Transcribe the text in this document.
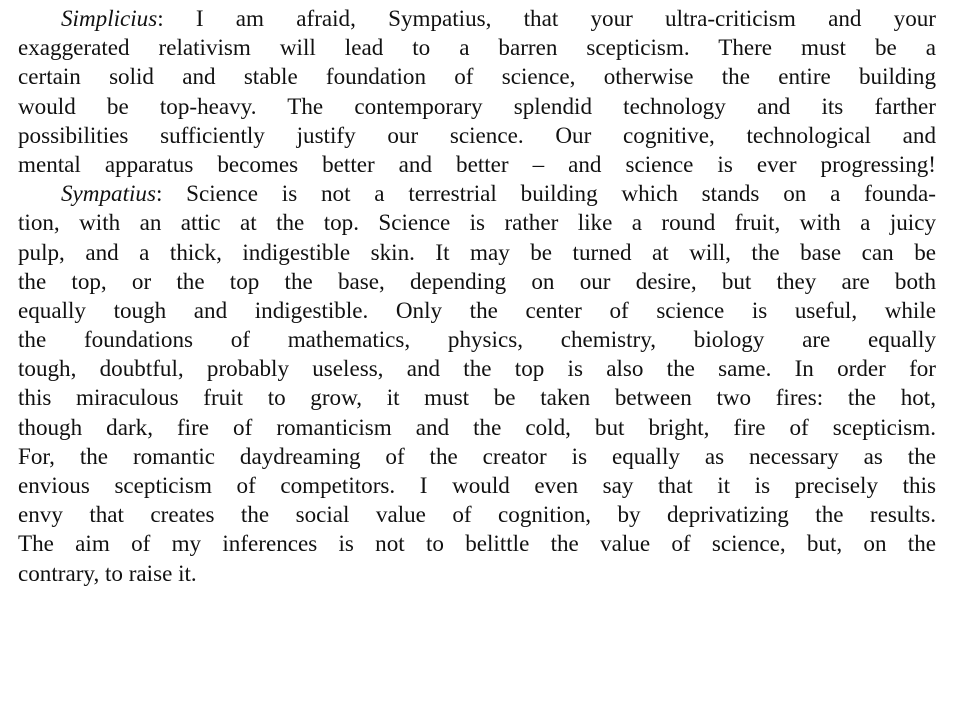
Simplicius: I am afraid, Sympatius, that your ultra-criticism and your
exaggerated relativism will lead to a barren scepticism. There must be a
certain solid and stable foundation of science, otherwise the entire building
would be top-heavy. The contemporary splendid technology and its farther
possibilities sufficiently justify our science. Our cognitive, technological and
mental apparatus becomes better and better – and science is ever progressing!
Sympatius: Science is not a terrestrial building which stands on a founda-
tion, with an attic at the top. Science is rather like a round fruit, with a juicy
pulp, and a thick, indigestible skin. It may be turned at will, the base can be
the top, or the top the base, depending on our desire, but they are both
equally tough and indigestible. Only the center of science is useful, while
the foundations of mathematics, physics, chemistry, biology are equally
tough, doubtful, probably useless, and the top is also the same. In order for
this miraculous fruit to grow, it must be taken between two fires: the hot,
though dark, fire of romanticism and the cold, but bright, fire of scepticism.
For, the romantic daydreaming of the creator is equally as necessary as the
envious scepticism of competitors. I would even say that it is precisely this
envy that creates the social value of cognition, by deprivatizing the results.
The aim of my inferences is not to belittle the value of science, but, on the
contrary, to raise it.
